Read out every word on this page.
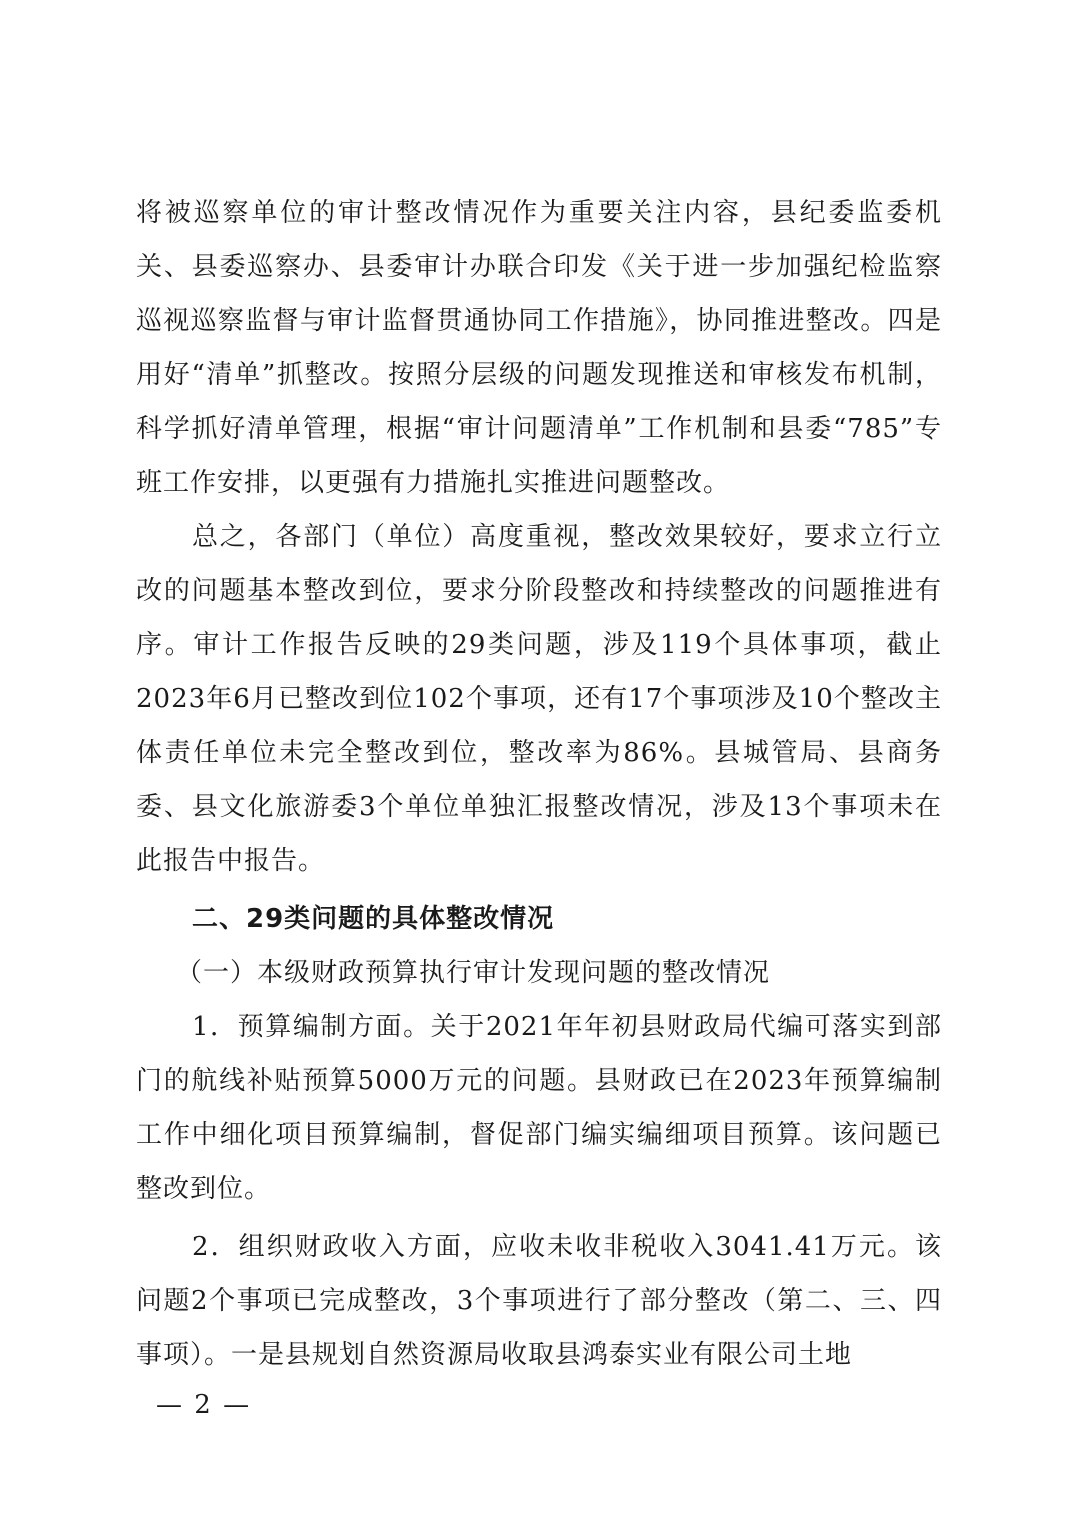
将被巡察单位的审计整改情况作为重要关注内容，县纪委监委机关、县委巡察办、县委审计办联合印发《关于进一步加强纪检监察巡视巡察监督与审计监督贯通协同工作措施》，协同推进整改。四是用好“清单”抓整改。按照分层级的问题发现推送和审核发布机制，科学抓好清单管理，根据“审计问题清单”工作机制和县委“785”专班工作安排，以更强有力措施扎实推进问题整改。

总之，各部门（单位）高度重视，整改效果较好，要求立行立改的问题基本整改到位，要求分阶段整改和持续整改的问题推进有序。审计工作报告反映的29类问题，涉及119个具体事项，截止2023年6月已整改到位102个事项，还有17个事项涉及10个整改主体责任单位未完全整改到位，整改率为86%。县城管局、县商务委、县文化旅游委3个单位单独汇报整改情况，涉及13个事项未在此报告中报告。

二、29类问题的具体整改情况

（一）本级财政预算执行审计发现问题的整改情况

1．预算编制方面。关于2021年年初县财政局代编可落实到部门的航线补贴预算5000万元的问题。县财政已在2023年预算编制工作中细化项目预算编制，督促部门编实编细项目预算。该问题已整改到位。

2．组织财政收入方面，应收未收非税收入3041.41万元。该问题2个事项已完成整改，3个事项进行了部分整改（第二、三、四事项）。一是县规划自然资源局收取县鸿泰实业有限公司土地

— 2 —
